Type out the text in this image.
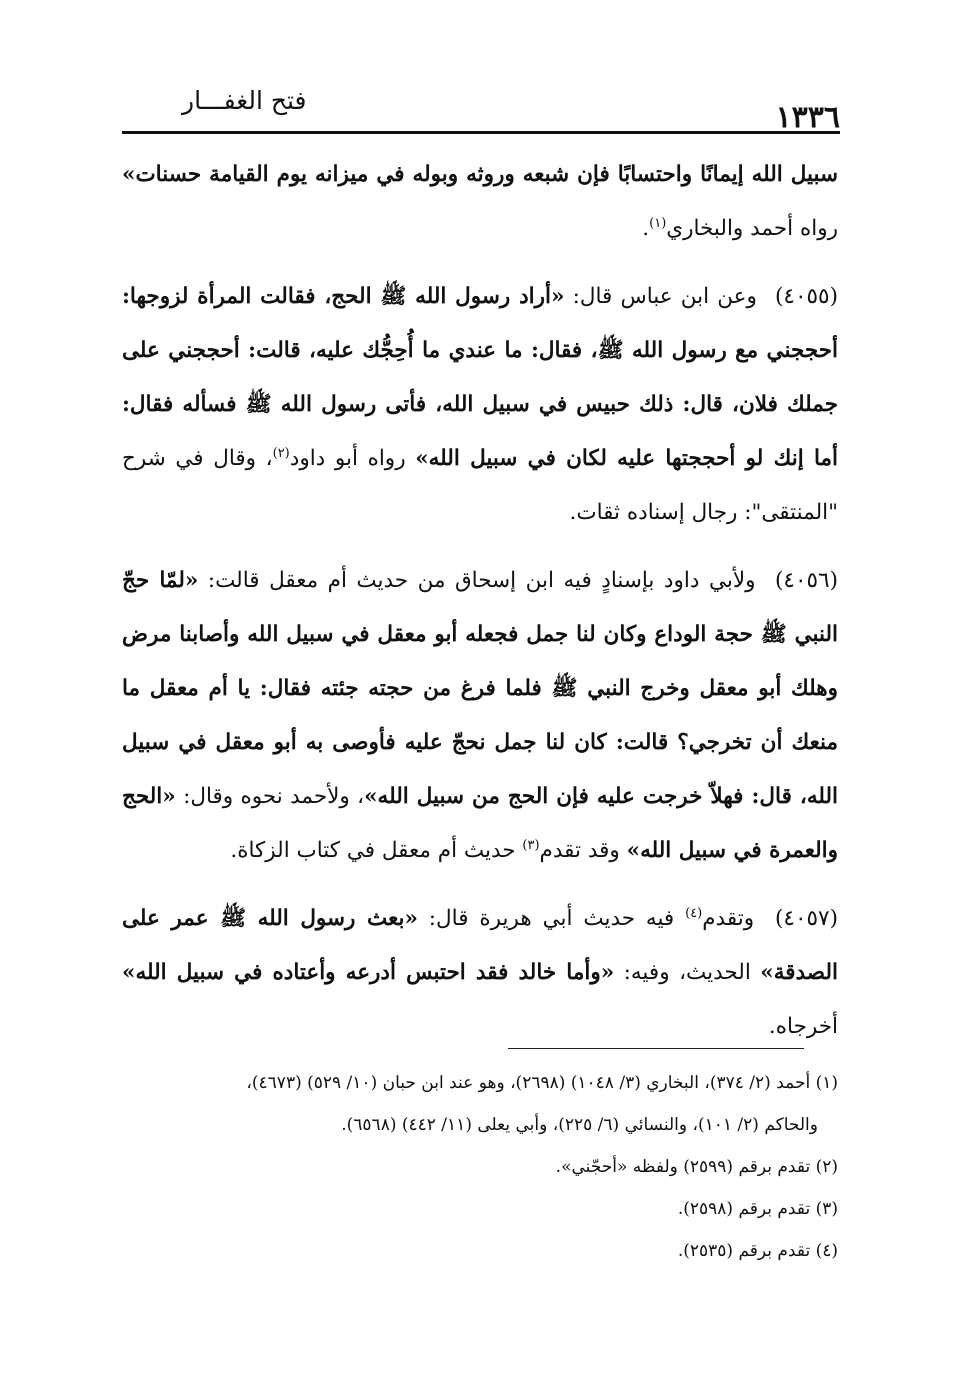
١٣٣٦
فتح الغفـــار

سبيل الله إيمانًا واحتسابًا فإن شبعه وروثه وبوله في ميزانه يوم القيامة حسنات» رواه أحمد والبخاري$^{(١)}$.

(٤٠٥٥) وعن ابن عباس قال: «أراد رسول الله ﷺ الحج، فقالت المرأة لزوجها: أحججني مع رسول الله ﷺ، فقال: ما عندي ما أُحِجُّك عليه، قالت: أحججني على جملك فلان، قال: ذلك حبيس في سبيل الله، فأتى رسول الله ﷺ فسأله فقال: أما إنك لو أحججتها عليه لكان في سبيل الله» رواه أبو داود$^{(٢)}$، وقال في شرح "المنتقى": رجال إسناده ثقات.

(٤٠٥٦) ولأبي داود بإسنادٍ فيه ابن إسحاق من حديث أم معقل قالت: «لمّا حجّ النبي ﷺ حجة الوداع وكان لنا جمل فجعله أبو معقل في سبيل الله وأصابنا مرض وهلك أبو معقل وخرج النبي ﷺ فلما فرغ من حجته جئته فقال: يا أم معقل ما منعك أن تخرجي؟ قالت: كان لنا جمل نحجّ عليه فأوصى به أبو معقل في سبيل الله، قال: فهلاّ خرجت عليه فإن الحج من سبيل الله»، ولأحمد نحوه وقال: «الحج والعمرة في سبيل الله» وقد تقدم$^{(٣)}$ حديث أم معقل في كتاب الزكاة.

(٤٠٥٧) وتقدم$^{(٤)}$ فيه حديث أبي هريرة قال: «بعث رسول الله ﷺ عمر على الصدقة» الحديث، وفيه: «وأما خالد فقد احتبس أدرعه وأعتاده في سبيل الله» أخرجاه.

(١) أحمد (٢/ ٣٧٤)، البخاري (٣/ ١٠٤٨) (٢٦٩٨)، وهو عند ابن حبان (١٠/ ٥٢٩) (٤٦٧٣)،

والحاكم (٢/ ١٠١)، والنسائي (٦/ ٢٢٥)، وأبي يعلى (١١/ ٤٤٢) (٦٥٦٨).

(٢) تقدم برقم (٢٥٩٩) ولفظه «أحجّني».

(٣) تقدم برقم (٢٥٩٨).

(٤) تقدم برقم (٢٥٣٥).
